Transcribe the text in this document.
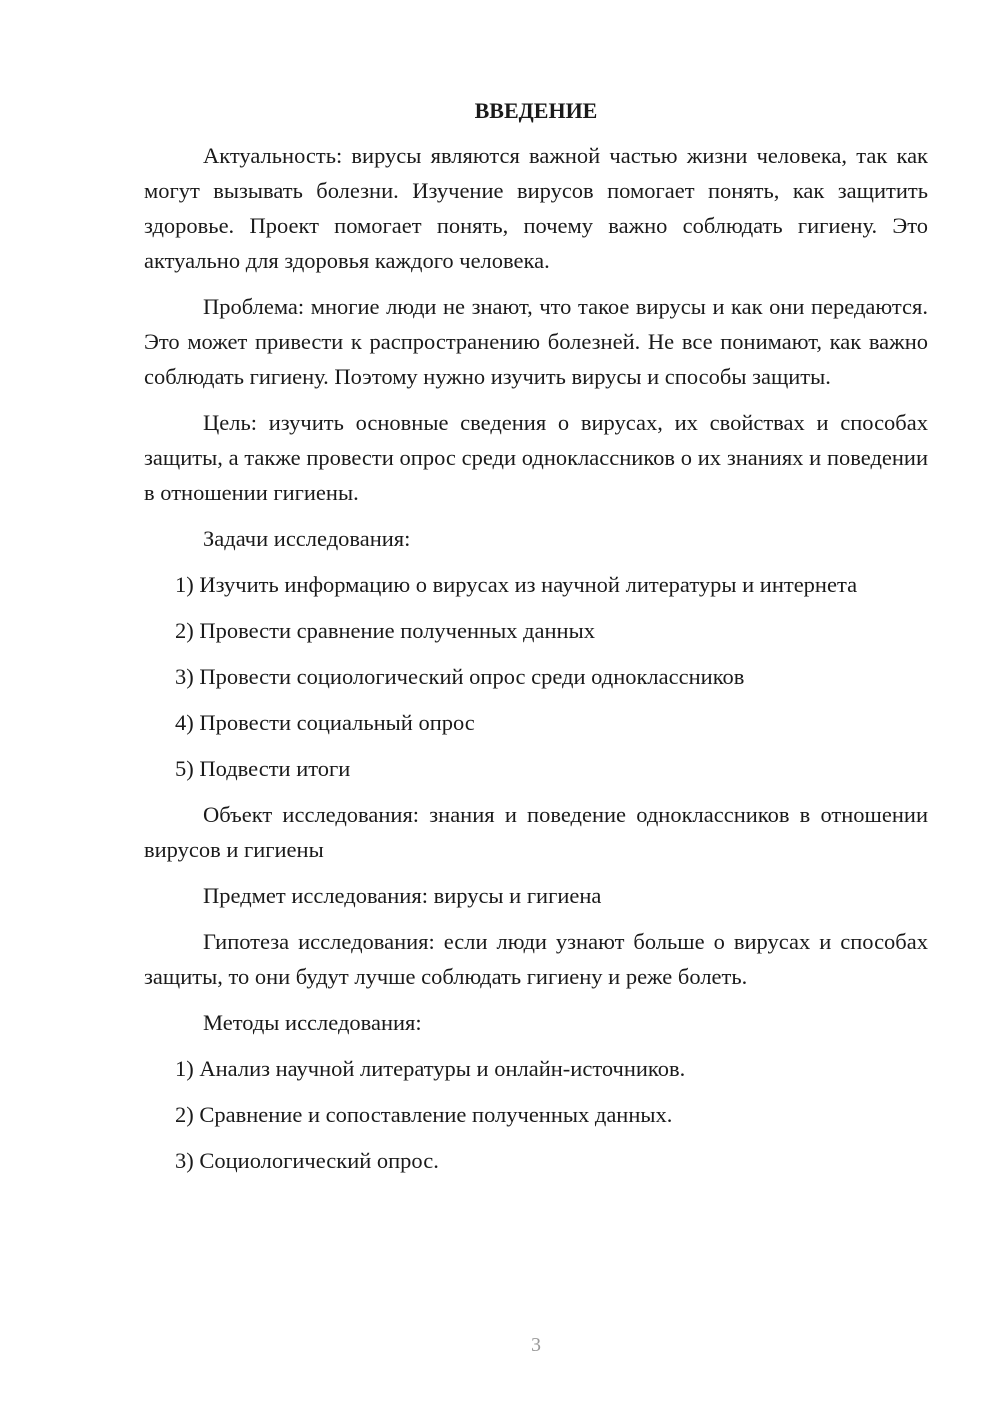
ВВЕДЕНИЕ

Актуальность: вирусы являются важной частью жизни человека, так как могут вызывать болезни. Изучение вирусов помогает понять, как защитить здоровье. Проект помогает понять, почему важно соблюдать гигиену. Это актуально для здоровья каждого человека.

Проблема: многие люди не знают, что такое вирусы и как они передаются. Это может привести к распространению болезней. Не все понимают, как важно соблюдать гигиену. Поэтому нужно изучить вирусы и способы защиты.

Цель: изучить основные сведения о вирусах, их свойствах и способах защиты, а также провести опрос среди одноклассников о их знаниях и поведении в отношении гигиены.

Задачи исследования:

1) Изучить информацию о вирусах из научной литературы и интернета

2) Провести сравнение полученных данных

3) Провести социологический опрос среди одноклассников

4) Провести социальный опрос

5) Подвести итоги

Объект исследования: знания и поведение одноклассников в отношении вирусов и гигиены

Предмет исследования: вирусы и гигиена

Гипотеза исследования: если люди узнают больше о вирусах и способах защиты, то они будут лучше соблюдать гигиену и реже болеть.

Методы исследования:

1) Анализ научной литературы и онлайн-источников.

2) Сравнение и сопоставление полученных данных.

3) Социологический опрос.

3
